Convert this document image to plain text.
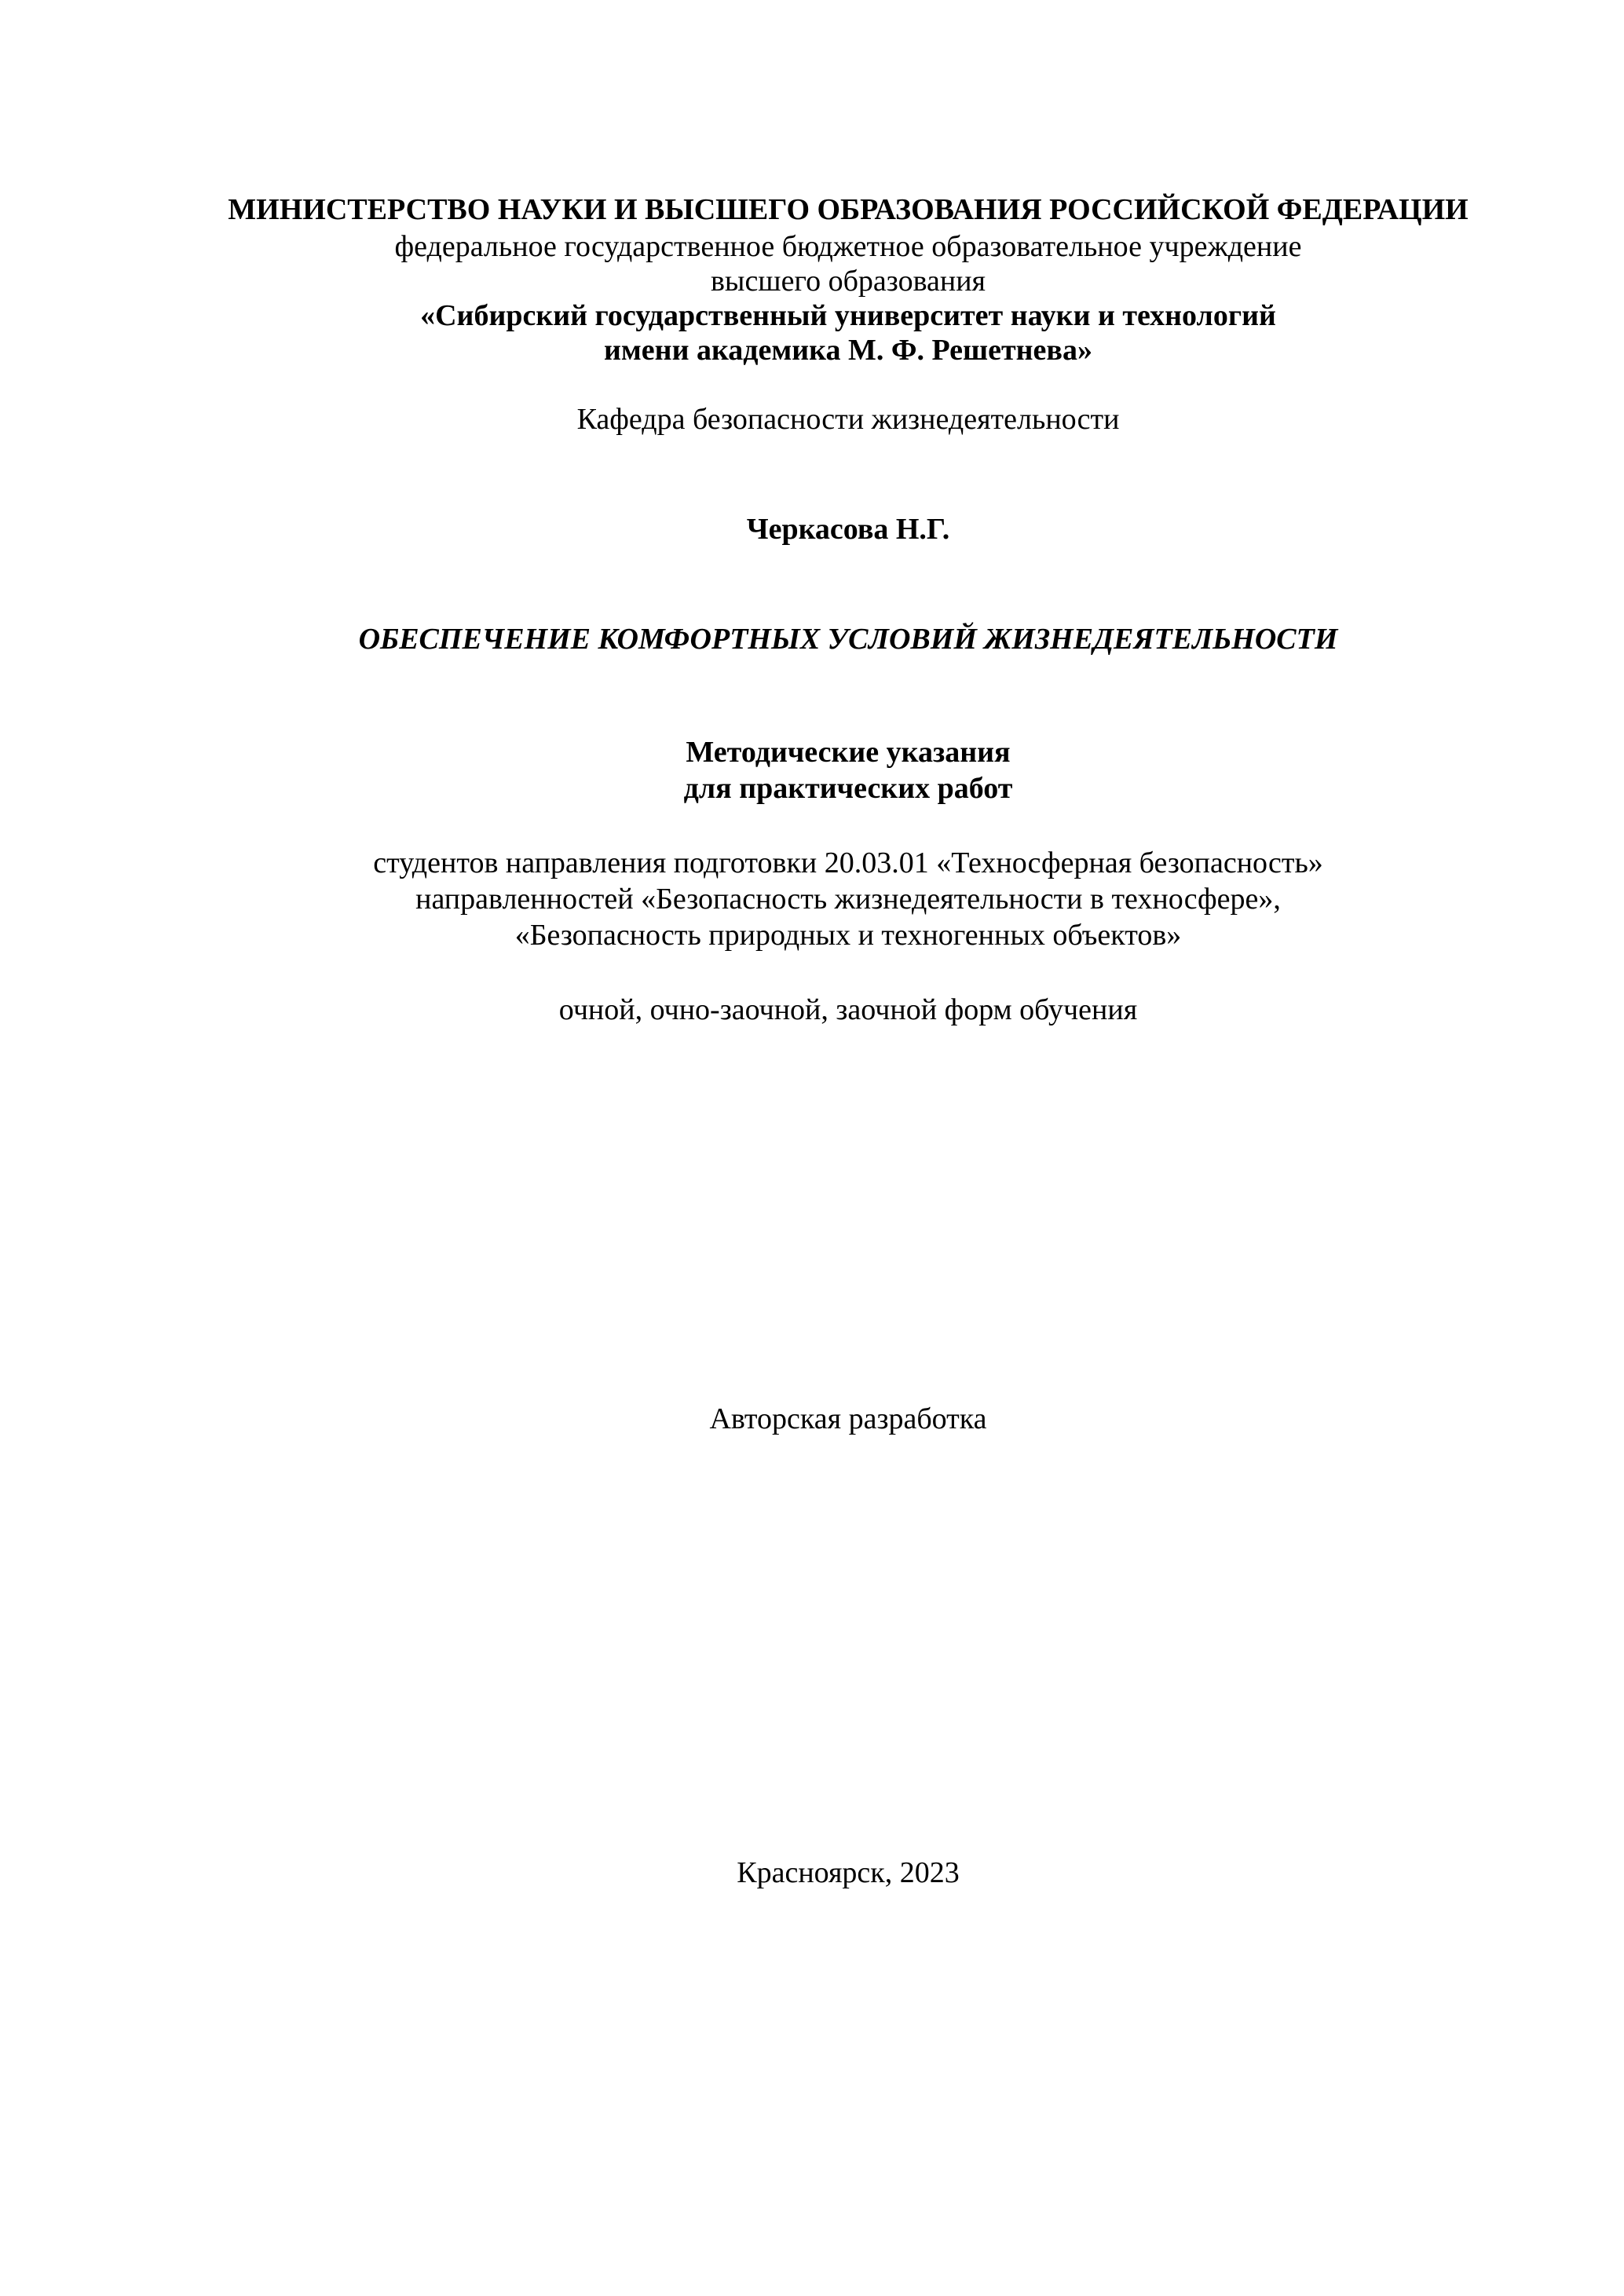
МИНИСТЕРСТВО НАУКИ И ВЫСШЕГО ОБРАЗОВАНИЯ РОССИЙСКОЙ ФЕДЕРАЦИИ
федеральное государственное бюджетное образовательное учреждение
высшего образования
«Сибирский государственный университет науки и технологий
имени академика М. Ф. Решетнева»
Кафедра безопасности жизнедеятельности
Черкасова Н.Г.
ОБЕСПЕЧЕНИЕ КОМФОРТНЫХ УСЛОВИЙ ЖИЗНЕДЕЯТЕЛЬНОСТИ
Методические указания
для практических работ
студентов направления подготовки 20.03.01 «Техносферная безопасность»
направленностей «Безопасность жизнедеятельности в техносфере»,
«Безопасность природных и техногенных объектов»
очной, очно-заочной, заочной форм обучения
Авторская разработка
Красноярск, 2023
